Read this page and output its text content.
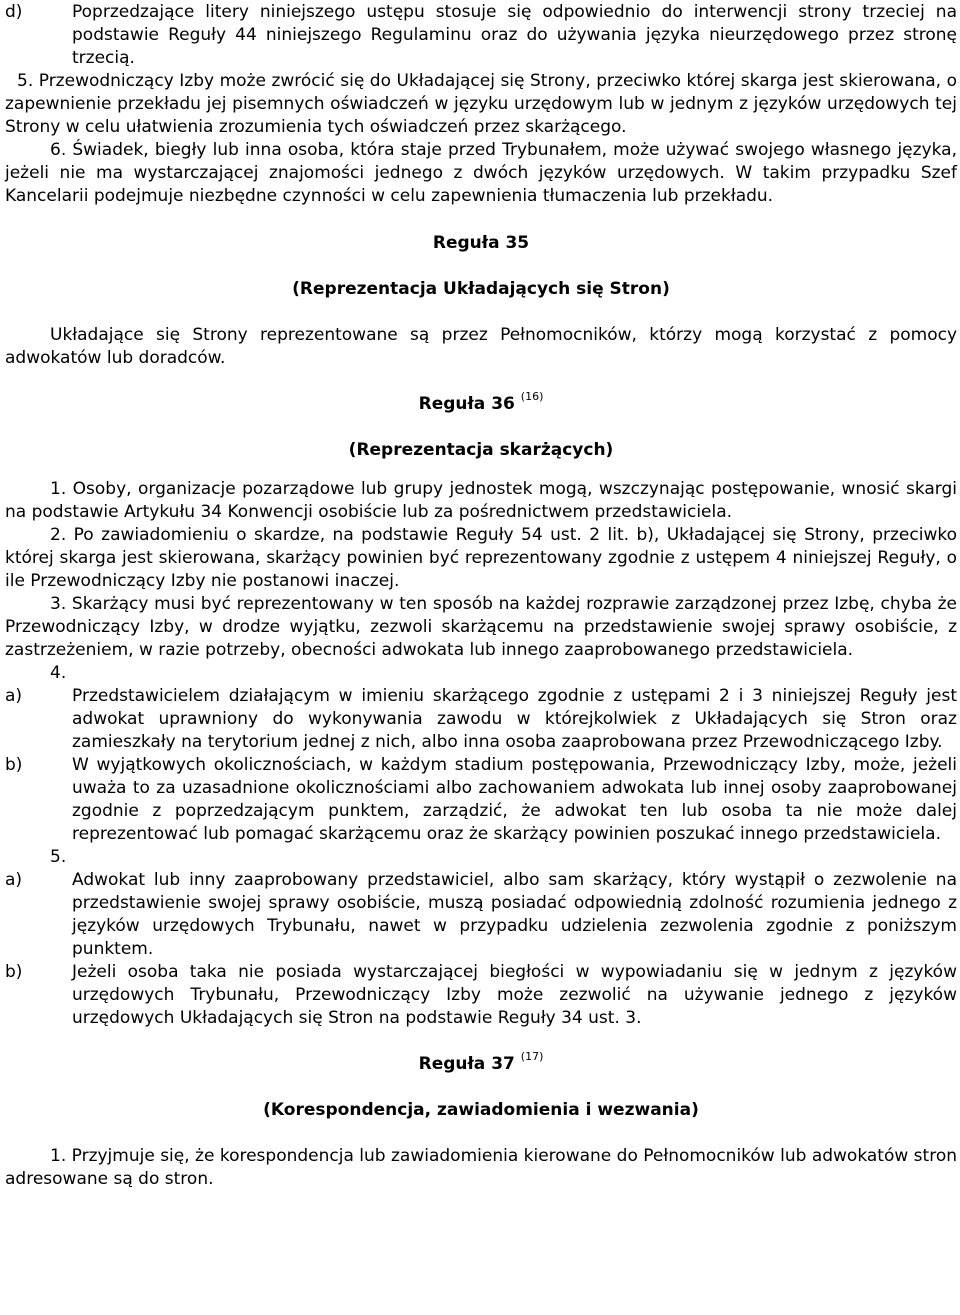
d)	Poprzedzające litery niniejszego ustępu stosuje się odpowiednio do interwencji strony trzeciej na podstawie Reguły 44 niniejszego Regulaminu oraz do używania języka nieurzędowego przez stronę trzecią.

5. Przewodniczący Izby może zwrócić się do Układającej się Strony, przeciwko której skarga jest skierowana, o zapewnienie przekładu jej pisemnych oświadczeń w języku urzędowym lub w jednym z języków urzędowych tej Strony w celu ułatwienia zrozumienia tych oświadczeń przez skarżącego.

6. Świadek, biegły lub inna osoba, która staje przed Trybunałem, może używać swojego własnego języka, jeżeli nie ma wystarczającej znajomości jednego z dwóch języków urzędowych. W takim przypadku Szef Kancelarii podejmuje niezbędne czynności w celu zapewnienia tłumaczenia lub przekładu.

Reguła 35

(Reprezentacja Układających się Stron)

Układające się Strony reprezentowane są przez Pełnomocników, którzy mogą korzystać z pomocy adwokatów lub doradców.

Reguła 36 $^{(16)}$

(Reprezentacja skarżących)

1. Osoby, organizacje pozarządowe lub grupy jednostek mogą, wszczynając postępowanie, wnosić skargi na podstawie Artykułu 34 Konwencji osobiście lub za pośrednictwem przedstawiciela.

2. Po zawiadomieniu o skardze, na podstawie Reguły 54 ust. 2 lit. b), Układającej się Strony, przeciwko której skarga jest skierowana, skarżący powinien być reprezentowany zgodnie z ustępem 4 niniejszej Reguły, o ile Przewodniczący Izby nie postanowi inaczej.

3. Skarżący musi być reprezentowany w ten sposób na każdej rozprawie zarządzonej przez Izbę, chyba że Przewodniczący Izby, w drodze wyjątku, zezwoli skarżącemu na przedstawienie swojej sprawy osobiście, z zastrzeżeniem, w razie potrzeby, obecności adwokata lub innego zaaprobowanego przedstawiciela.

4.

a)	Przedstawicielem działającym w imieniu skarżącego zgodnie z ustępami 2 i 3 niniejszej Reguły jest adwokat uprawniony do wykonywania zawodu w którejkolwiek z Układających się Stron oraz zamieszkały na terytorium jednej z nich, albo inna osoba zaaprobowana przez Przewodniczącego Izby.
b)	W wyjątkowych okolicznościach, w każdym stadium postępowania, Przewodniczący Izby, może, jeżeli uważa to za uzasadnione okolicznościami albo zachowaniem adwokata lub innej osoby zaaprobowanej zgodnie z poprzedzającym punktem, zarządzić, że adwokat ten lub osoba ta nie może dalej reprezentować lub pomagać skarżącemu oraz że skarżący powinien poszukać innego przedstawiciela.

5.

a)	Adwokat lub inny zaaprobowany przedstawiciel, albo sam skarżący, który wystąpił o zezwolenie na przedstawienie swojej sprawy osobiście, muszą posiadać odpowiednią zdolność rozumienia jednego z języków urzędowych Trybunału, nawet w przypadku udzielenia zezwolenia zgodnie z poniższym punktem.
b)	Jeżeli osoba taka nie posiada wystarczającej biegłości w wypowiadaniu się w jednym z języków urzędowych Trybunału, Przewodniczący Izby może zezwolić na używanie jednego z języków urzędowych Układających się Stron na podstawie Reguły 34 ust. 3.

Reguła 37 $^{(17)}$

(Korespondencja, zawiadomienia i wezwania)

1. Przyjmuje się, że korespondencja lub zawiadomienia kierowane do Pełnomocników lub adwokatów stron adresowane są do stron.
